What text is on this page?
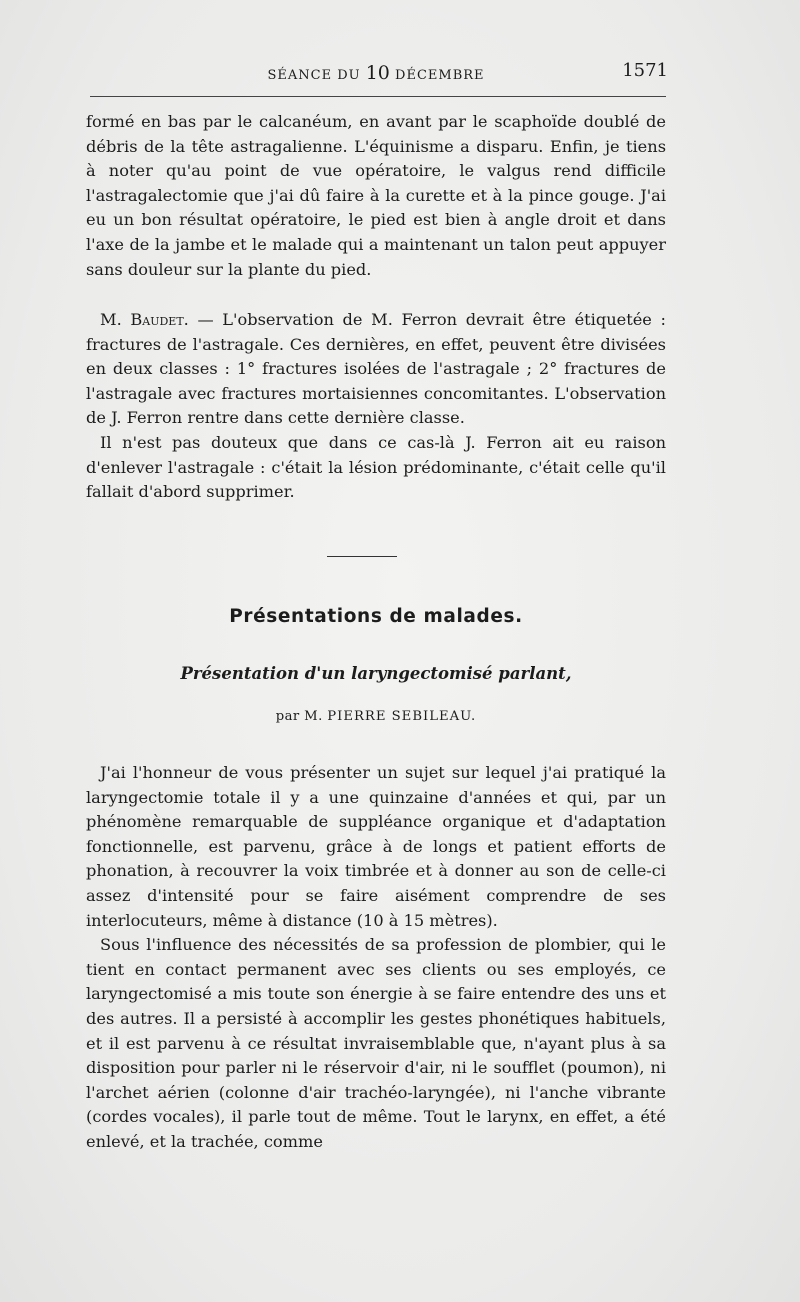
SÉANCE DU 10 DÉCEMBRE	1571

formé en bas par le calcanéum, en avant par le scaphoïde doublé de débris de la tête astragalienne. L'équinisme a disparu. Enfin, je tiens à noter qu'au point de vue opératoire, le valgus rend difficile l'astragalectomie que j'ai dû faire à la curette et à la pince gouge. J'ai eu un bon résultat opératoire, le pied est bien à angle droit et dans l'axe de la jambe et le malade qui a maintenant un talon peut appuyer sans douleur sur la plante du pied.

M. Baudet. — L'observation de M. Ferron devrait être étiquetée : fractures de l'astragale. Ces dernières, en effet, peuvent être divisées en deux classes : 1° fractures isolées de l'astragale ; 2° fractures de l'astragale avec fractures mortaisiennes concomitantes. L'observation de J. Ferron rentre dans cette dernière classe.

Il n'est pas douteux que dans ce cas-là J. Ferron ait eu raison d'enlever l'astragale : c'était la lésion prédominante, c'était celle qu'il fallait d'abord supprimer.

Présentations de malades.
Présentation d'un laryngectomisé parlant,
par M. PIERRE SEBILEAU.

J'ai l'honneur de vous présenter un sujet sur lequel j'ai pratiqué la laryngectomie totale il y a une quinzaine d'années et qui, par un phénomène remarquable de suppléance organique et d'adaptation fonctionnelle, est parvenu, grâce à de longs et patient efforts de phonation, à recouvrer la voix timbrée et à donner au son de celle-ci assez d'intensité pour se faire aisément comprendre de ses interlocuteurs, même à distance (10 à 15 mètres).

Sous l'influence des nécessités de sa profession de plombier, qui le tient en contact permanent avec ses clients ou ses employés, ce laryngectomisé a mis toute son énergie à se faire entendre des uns et des autres. Il a persisté à accomplir les gestes phonétiques habituels, et il est parvenu à ce résultat invraisemblable que, n'ayant plus à sa disposition pour parler ni le réservoir d'air, ni le soufflet (poumon), ni l'archet aérien (colonne d'air trachéo-laryngée), ni l'anche vibrante (cordes vocales), il parle tout de même. Tout le larynx, en effet, a été enlevé, et la trachée, comme
